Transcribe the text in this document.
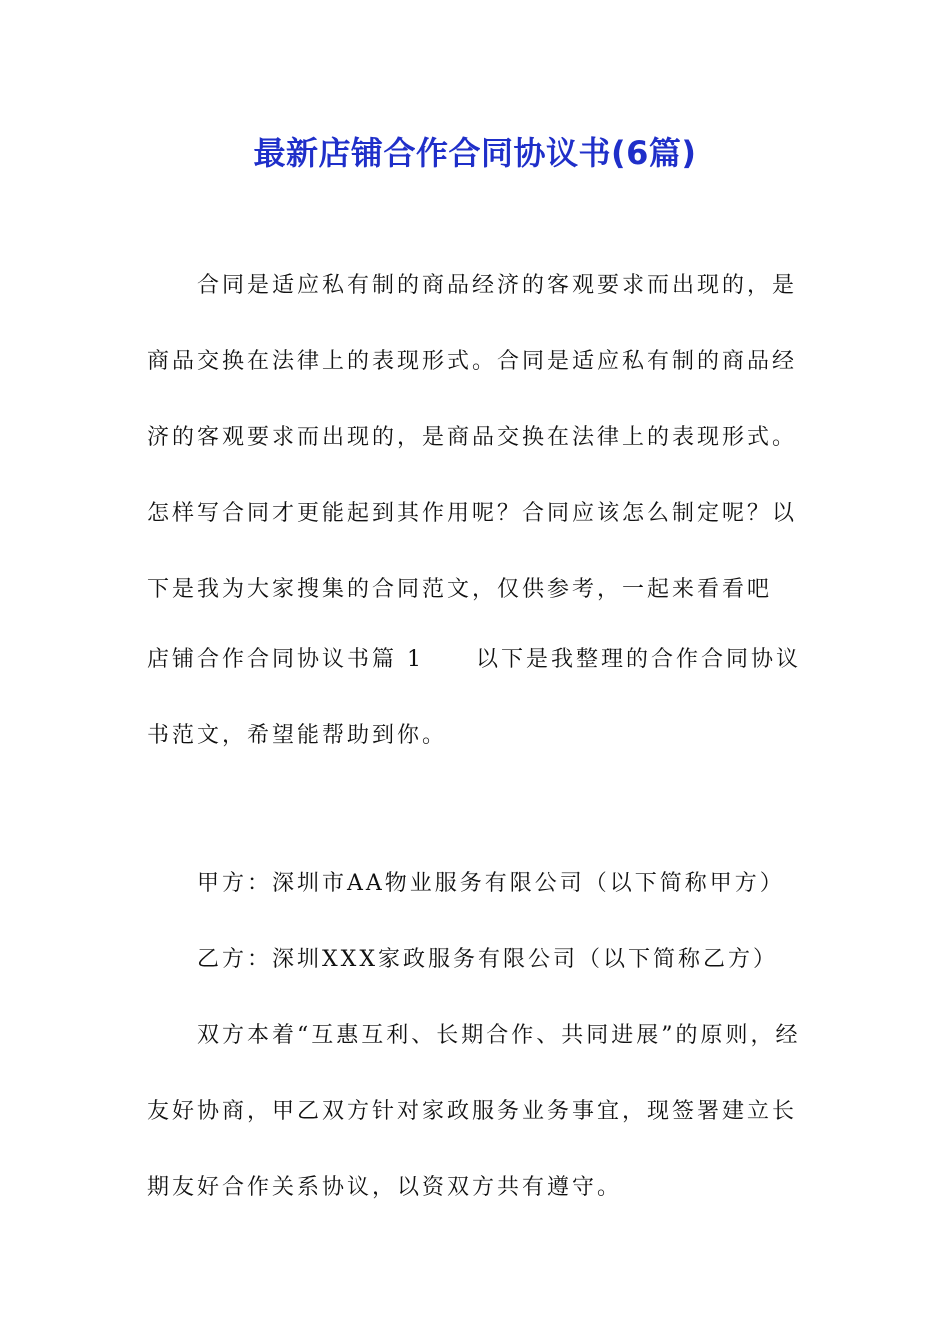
最新店铺合作合同协议书(6篇)
合同是适应私有制的商品经济的客观要求而出现的，是商品交换在法律上的表现形式。合同是适应私有制的商品经济的客观要求而出现的，是商品交换在法律上的表现形式。怎样写合同才更能起到其作用呢？合同应该怎么制定呢？以下是我为大家搜集的合同范文，仅供参考，一起来看看吧
店铺合作合同协议书篇 1 以下是我整理的合作合同协议书范文，希望能帮助到你。
甲方：深圳市AA物业服务有限公司（以下简称甲方）
乙方：深圳XXX家政服务有限公司（以下简称乙方）
双方本着“互惠互利、长期合作、共同进展”的原则，经友好协商，甲乙双方针对家政服务业务事宜，现签署建立长期友好合作关系协议，以资双方共有遵守。
